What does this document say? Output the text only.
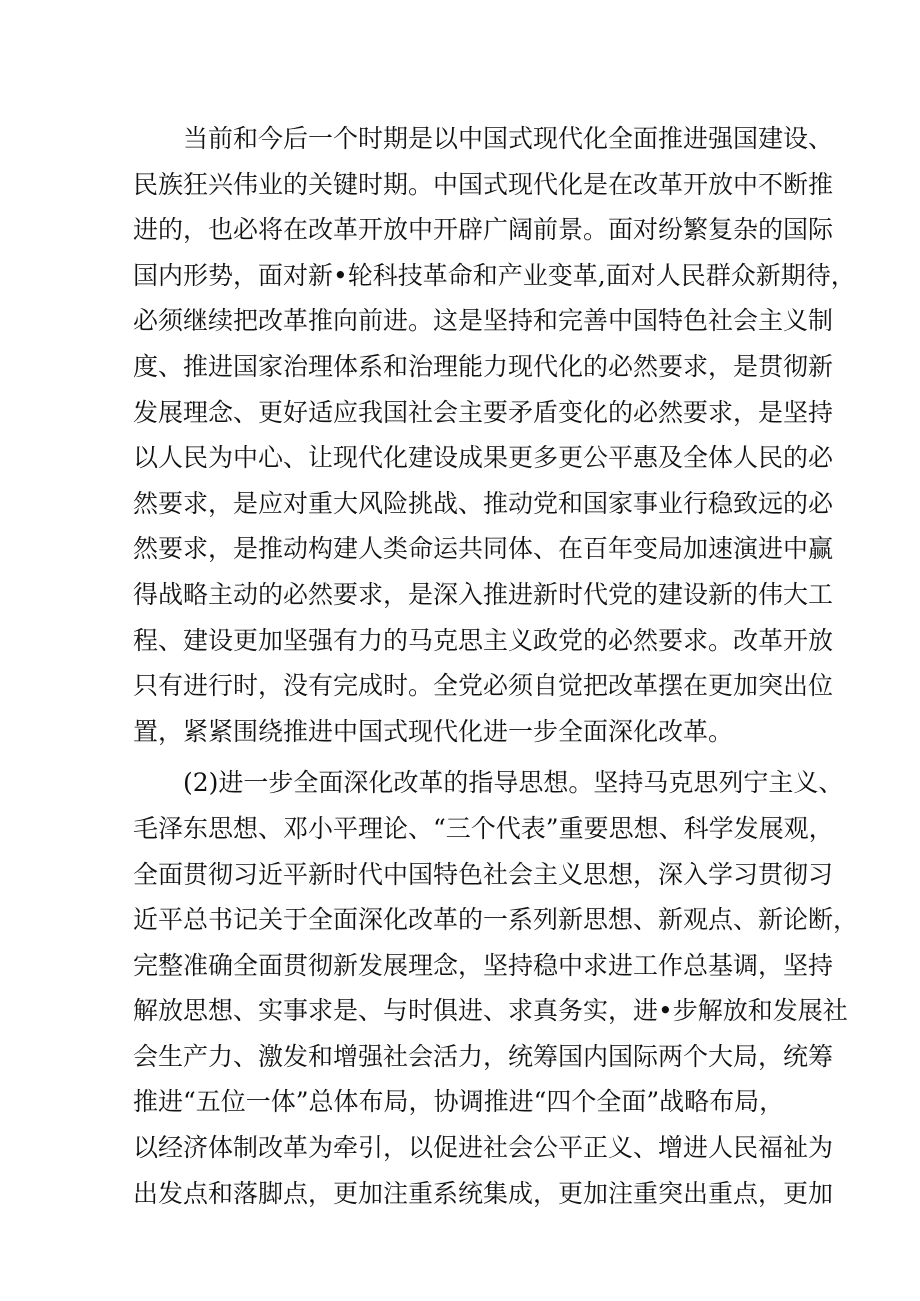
当前和今后一个时期是以中国式现代化全面推进强国建设、
民族狂兴伟业的关键时期。中国式现代化是在改革开放中不断推
进的，也必将在改革开放中开辟广阔前景。面对纷繁复杂的国际
国内形势，面对新•轮科技革命和产业变革,面对人民群众新期待，
必须继续把改革推向前进。这是坚持和完善中国特色社会主义制
度、推进国家治理体系和治理能力现代化的必然要求，是贯彻新
发展理念、更好适应我国社会主要矛盾变化的必然要求，是坚持
以人民为中心、让现代化建设成果更多更公平惠及全体人民的必
然要求，是应对重大风险挑战、推动党和国家事业行稳致远的必
然要求，是推动构建人类命运共同体、在百年变局加速演进中赢
得战略主动的必然要求，是深入推进新时代党的建设新的伟大工
程、建设更加坚强有力的马克思主义政党的必然要求。改革开放
只有进行时，没有完成时。全党必须自觉把改革摆在更加突出位
置，紧紧围绕推进中国式现代化进一步全面深化改革。
(2)进一步全面深化改革的指导思想。坚持马克思列宁主义、
毛泽东思想、邓小平理论、“三个代表”重要思想、科学发展观，
全面贯彻习近平新时代中国特色社会主义思想，深入学习贯彻习
近平总书记关于全面深化改革的一系列新思想、新观点、新论断，
完整准确全面贯彻新发展理念，坚持稳中求进工作总基调，坚持
解放思想、实事求是、与时俱进、求真务实，进•步解放和发展社
会生产力、激发和增强社会活力，统筹国内国际两个大局，统筹
推进“五位一体”总体布局，协调推进“四个全面”战略布局，
以经济体制改革为牵引，以促进社会公平正义、增进人民福祉为
出发点和落脚点，更加注重系统集成，更加注重突出重点，更加
